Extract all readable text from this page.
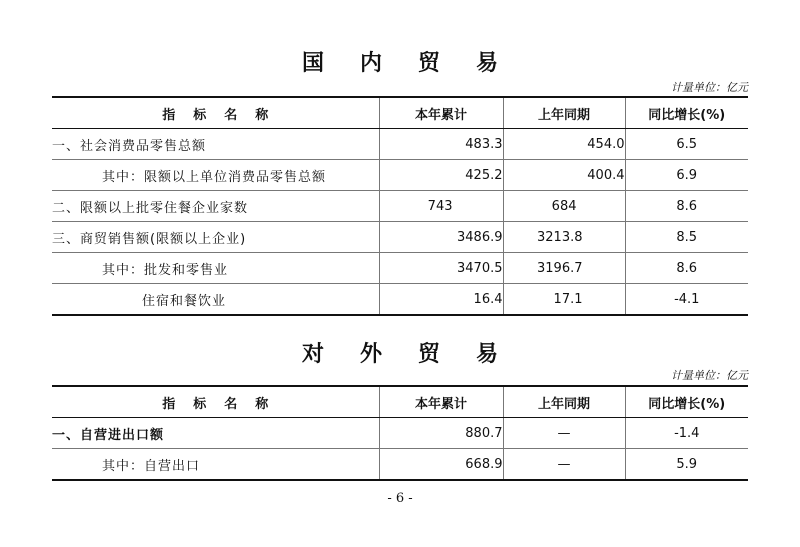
国内贸易
计量单位：亿元
指标名称	本年累计	上年同期	同比增长(%)
一、社会消费品零售总额	483.3	454.0	6.5
其中：限额以上单位消费品零售总额	425.2	400.4	6.9
二、限额以上批零住餐企业家数	743	684	8.6
三、商贸销售额(限额以上企业)	3486.9	3213.8	8.5
其中：批发和零售业	3470.5	3196.7	8.6
住宿和餐饮业	16.4	17.1	-4.1
对外贸易
计量单位：亿元
指标名称	本年累计	上年同期	同比增长(%)
一、自营进出口额	880.7	—	-1.4
其中：自营出口	668.9	—	5.9
- 6 -
